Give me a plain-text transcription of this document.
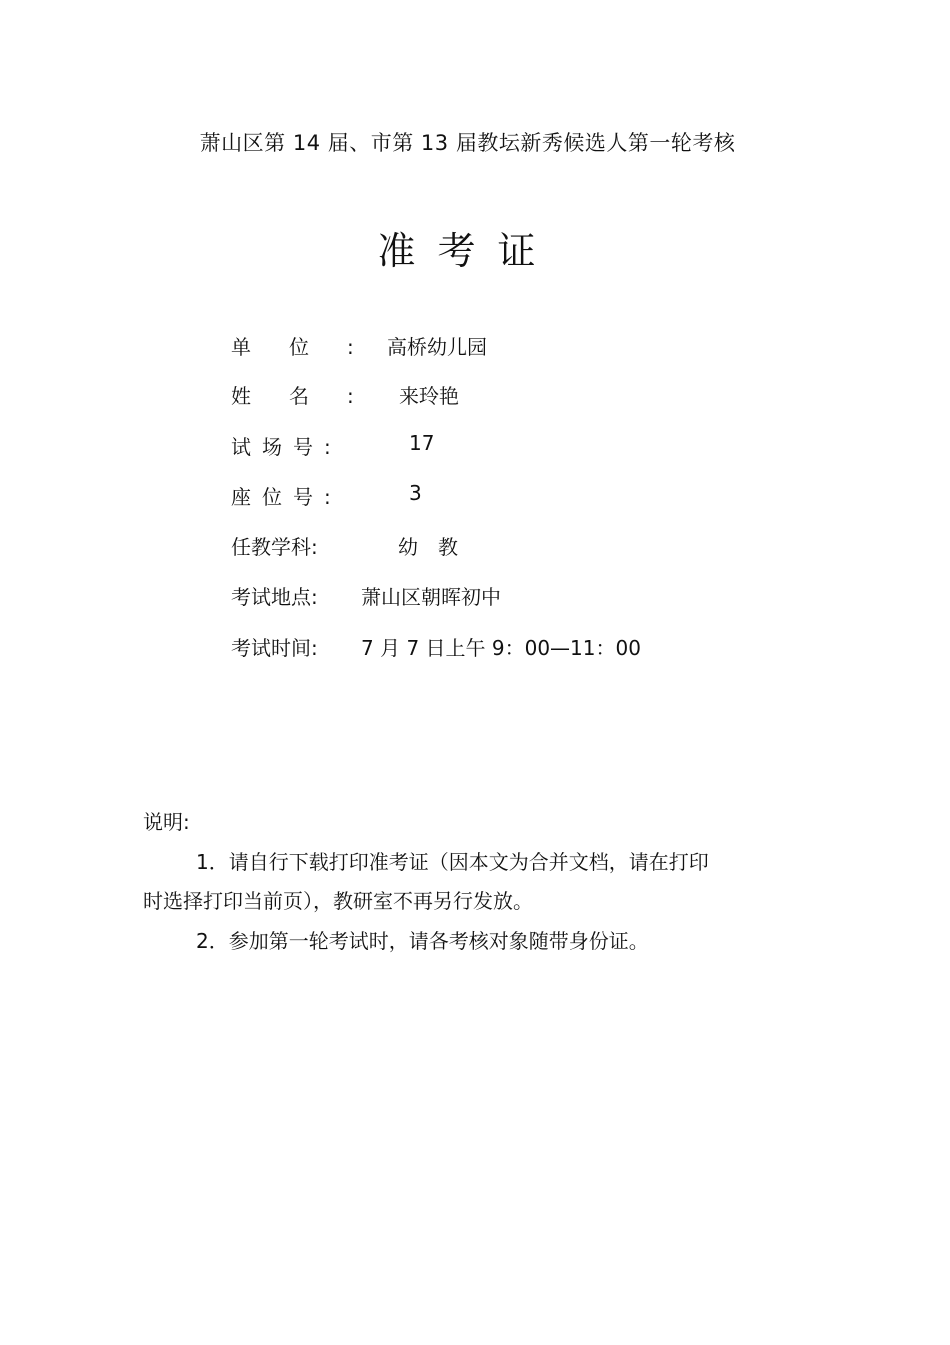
萧山区第 14 届、市第 13 届教坛新秀候选人第一轮考核
准考证
单位:
高桥幼儿园
姓名: 来玲艳
试场号:	17
座位号:	3
任教学科:	幼　教
考试地点: 萧山区朝晖初中
考试时间: 7 月 7 日上午 9：00—11：00
说明:
1．请自行下载打印准考证（因本文为合并文档，请在打印
时选择打印当前页），教研室不再另行发放。
2．参加第一轮考试时，请各考核对象随带身份证。
